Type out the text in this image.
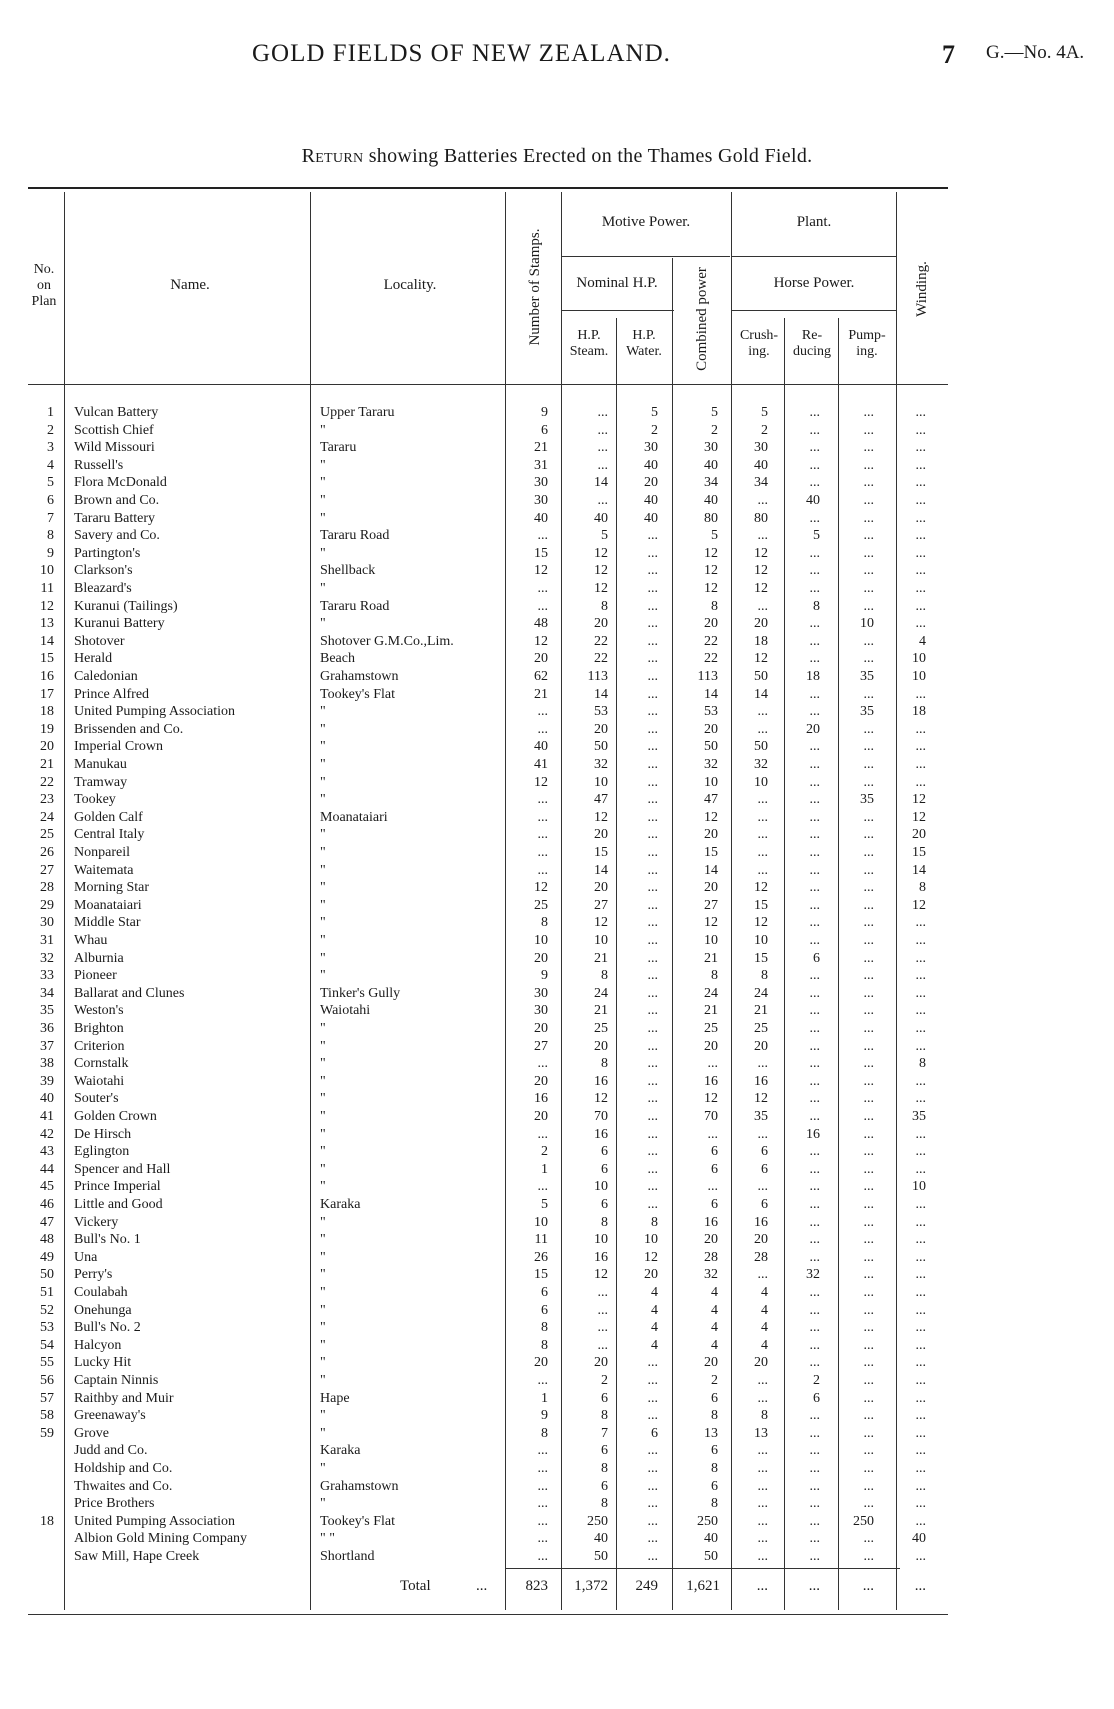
GOLD FIELDS OF NEW ZEALAND.	7 G.—No. 4A.
Return showing Batteries Erected on the Thames Gold Field.
No. on Plan
Name.	Locality.	Number of Stamps.
Motive Power.
Nominal H.P.
H.P. Steam.
H.P. Water.	Combined power
Plant.
Horse Power.
Crush-ing.
Re-ducing
Pump-ing.
Winding.
1 Vulcan Battery	Upper Tararu	9	...	5	5	5	...	...	...
2 Scottish Chief	"	6	...	2	2	2	...	...	...
3 Wild Missouri	Tararu	21	...	30	30	30	...	...	...
4 Russell's	"	31	...	40	40	40	...	...	...
5 Flora McDonald	"	30	14	20	34	34	...	...	...
6 Brown and Co.	"	30	...	40	40	...	40	...	...
7 Tararu Battery	"	40	40	40	80	80	...	...	...
8 Savery and Co.	Tararu Road	...	5	...	5	...	5	...	...
9 Partington's	"	15	12	...	12	12	...	...	...
10 Clarkson's	Shellback	12	12	...	12	12	...	...	...
11 Bleazard's	"	...	12	...	12	12	...	...	...
12 Kuranui (Tailings)	Tararu Road	...	8	...	8	...	8	...	...
13 Kuranui Battery	"	48	20	...	20	20	...	10	...
14 Shotover	Shotover G.M.Co.,Lim.	12	22	...	22	18	...	...	4
15 Herald	Beach	20	22	...	22	12	...	...	10
16 Caledonian	Grahamstown	62	113	...	113	50	18	35	10
17 Prince Alfred	Tookey's Flat	21	14	...	14	14	...	...	...
18 United Pumping Association	"	...	53	...	53	...	...	35	18
19 Brissenden and Co.	"	...	20	...	20	...	20	...	...
20 Imperial Crown	"	40	50	...	50	50	...	...	...
21 Manukau	"	41	32	...	32	32	...	...	...
22 Tramway	"	12	10	...	10	10	...	...	...
23 Tookey	"	...	47	...	47	...	...	35	12
24 Golden Calf	Moanataiari	...	12	...	12	...	...	...	12
25 Central Italy	"	...	20	...	20	...	...	...	20
26 Nonpareil	"	...	15	...	15	...	...	...	15
27 Waitemata	"	...	14	...	14	...	...	...	14
28 Morning Star	"	12	20	...	20	12	...	...	8
29 Moanataiari	"	25	27	...	27	15	...	...	12
30 Middle Star	"	8	12	...	12	12	...	...	...
31 Whau	"	10	10	...	10	10	...	...	...
32 Alburnia	"	20	21	...	21	15	6	...	...
33 Pioneer	"	9	8	...	8	8	...	...	...
34 Ballarat and Clunes	Tinker's Gully	30	24	...	24	24	...	...	...
35 Weston's	Waiotahi	30	21	...	21	21	...	...	...
36 Brighton	"	20	25	...	25	25	...	...	...
37 Criterion	"	27	20	...	20	20	...	...	...
38 Cornstalk	"	...	8	...	...	...	...	...	8
39 Waiotahi	"	20	16	...	16	16	...	...	...
40 Souter's	"	16	12	...	12	12	...	...	...
41 Golden Crown	"	20	70	...	70	35	...	...	35
42 De Hirsch	"	...	16	...	...	...	16	...	...
43 Eglington	"	2	6	...	6	6	...	...	...
44 Spencer and Hall	"	1	6	...	6	6	...	...	...
45 Prince Imperial	"	...	10	...	...	...	...	...	10
46 Little and Good	Karaka	5	6	...	6	6	...	...	...
47 Vickery	"	10	8	8	16	16	...	...	...
48 Bull's No. 1	"	11	10	10	20	20	...	...	...
49 Una	"	26	16	12	28	28	...	...	...
50 Perry's	"	15	12	20	32	...	32	...	...
51 Coulabah	"	6	...	4	4	4	...	...	...
52 Onehunga	"	6	...	4	4	4	...	...	...
53 Bull's No. 2	"	8	...	4	4	4	...	...	...
54 Halcyon	"	8	...	4	4	4	...	...	...
55 Lucky Hit	"	20	20	...	20	20	...	...	...
56 Captain Ninnis	"	...	2	...	2	...	2	...	...
57 Raithby and Muir	Hape	1	6	...	6	...	6	...	...
58 Greenaway's	"	9	8	...	8	8	...	...	...
59 Grove	"	8	7	6	13	13	...	...	...
Judd and Co.	Karaka	...	6	...	6	...	...	...	...
Holdship and Co.	"	...	8	...	8	...	...	...	...
Thwaites and Co.	Grahamstown	...	6	...	6	...	...	...	...
Price Brothers	"	...	8	...	8	...	...	...	...
18 United Pumping Association	Tookey's Flat	...	250	...	250	...	...	250	...
Albion Gold Mining Company	" "	...	40	...	40	...	...	...	40
Saw Mill, Hape Creek	Shortland	...	50	...	50	...	...	...	...
Total	...	823	1,372	249	1,621	...	...	...	...
